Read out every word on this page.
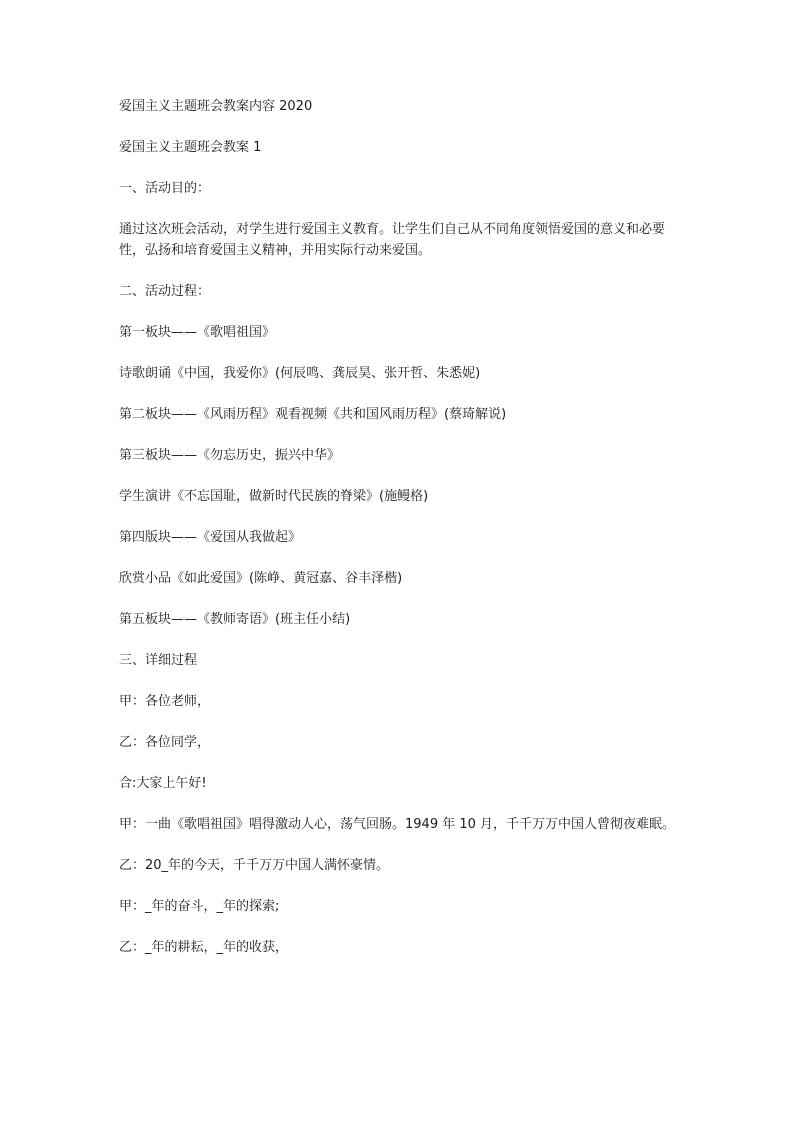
爱国主义主题班会教案内容 2020

爱国主义主题班会教案 1

一、活动目的：

通过这次班会活动，对学生进行爱国主义教育。让学生们自己从不同角度领悟爱国的意义和必要性，弘扬和培育爱国主义精神，并用实际行动来爱国。

二、活动过程：

第一板块——《歌唱祖国》

诗歌朗诵《中国，我爱你》(何辰鸣、龚辰昊、张开哲、朱悉妮)

第二板块——《风雨历程》观看视频《共和国风雨历程》(蔡琦解说)

第三板块——《勿忘历史，振兴中华》

学生演讲《不忘国耻，做新时代民族的脊梁》(施鳗格)

第四版块——《爱国从我做起》

欣赏小品《如此爱国》(陈峥、黄冠嘉、谷丰泽楷)

第五板块——《教师寄语》(班主任小结)

三、详细过程

甲：各位老师，

乙：各位同学，

合:大家上午好!

甲：一曲《歌唱祖国》唱得激动人心，荡气回肠。1949 年 10 月，千千万万中国人曾彻夜难眠。

乙：20_年的今天，千千万万中国人满怀豪情。

甲：_年的奋斗，_年的探索;

乙：_年的耕耘，_年的收获，
